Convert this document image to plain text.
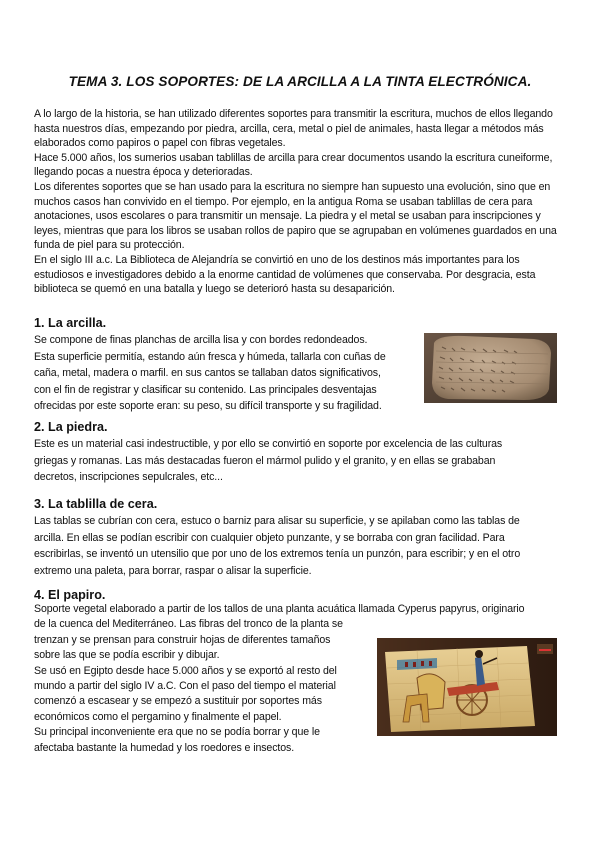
TEMA 3. LOS SOPORTES: DE LA ARCILLA A LA TINTA ELECTRÓNICA.

A lo largo de la historia, se han utilizado diferentes soportes para transmitir la escritura, muchos de ellos llegando hasta nuestros días, empezando por piedra, arcilla, cera, metal o piel de animales, hasta llegar a métodos más elaborados como papiros o papel con fibras vegetales.

Hace 5.000 años, los sumerios usaban tablillas de arcilla para crear documentos usando la escritura cuneiforme, llegando pocas a nuestra época y deterioradas.

Los diferentes soportes que se han usado para la escritura no siempre han supuesto una evolución, sino que en muchos casos han convivido en el tiempo. Por ejemplo, en la antigua Roma se usaban tablillas de cera para anotaciones, usos escolares o para transmitir un mensaje. La piedra y el metal se usaban para inscripciones y leyes, mientras que para los libros se usaban rollos de papiro que se agrupaban en volúmenes guardados en una funda de piel para su protección.

En el siglo III a.c. La Biblioteca de Alejandría se convirtió en uno de los destinos más importantes para los estudiosos e investigadores debido a la enorme cantidad de volúmenes que conservaba. Por desgracia, esta biblioteca se quemó en una batalla y luego se deterioró hasta su desaparición.

1. La arcilla.

Se compone de finas planchas de arcilla lisa y con bordes redondeados.

Esta superficie permitía, estando aún fresca y húmeda, tallarla con cuñas de

caña, metal, madera o marfil. en sus cantos se tallaban datos significativos,

con el fin de registrar y clasificar su contenido. Las principales desventajas

ofrecidas por este soporte eran: su peso, su difícil transporte y su fragilidad.

2. La piedra.

Este es un material casi indestructible, y por ello se convirtió en soporte por excelencia de las culturas

griegas y romanas. Las más destacadas fueron el mármol pulido y el granito, y en ellas se grababan

decretos, inscripciones sepulcrales, etc...

3. La tablilla de cera.

Las tablas se cubrían con cera, estuco o barniz para alisar su superficie, y se apilaban como las tablas de

arcilla. En ellas se podían escribir con cualquier objeto punzante, y se borraba con gran facilidad. Para

escribirlas, se inventó un utensilio que por uno de los extremos tenía un punzón, para escribir; y en el otro

extremo una paleta, para borrar, raspar o alisar la superficie.

4. El papiro.

Soporte vegetal elaborado a partir de los tallos de una planta acuática llamada Cyperus papyrus, originario

de la cuenca del Mediterráneo. Las fibras del tronco de la planta se

trenzan y se prensan para construir hojas de diferentes tamaños

sobre las que se podía escribir y dibujar.

Se usó en Egipto desde hace 5.000 años y se exportó al resto del

mundo a partir del siglo IV a.C. Con el paso del tiempo el material

comenzó a escasear y se empezó a sustituir por soportes más

económicos como el pergamino y finalmente el papel.

Su principal inconveniente era que no se podía borrar y que le

afectaba bastante la humedad y los roedores e insectos.
